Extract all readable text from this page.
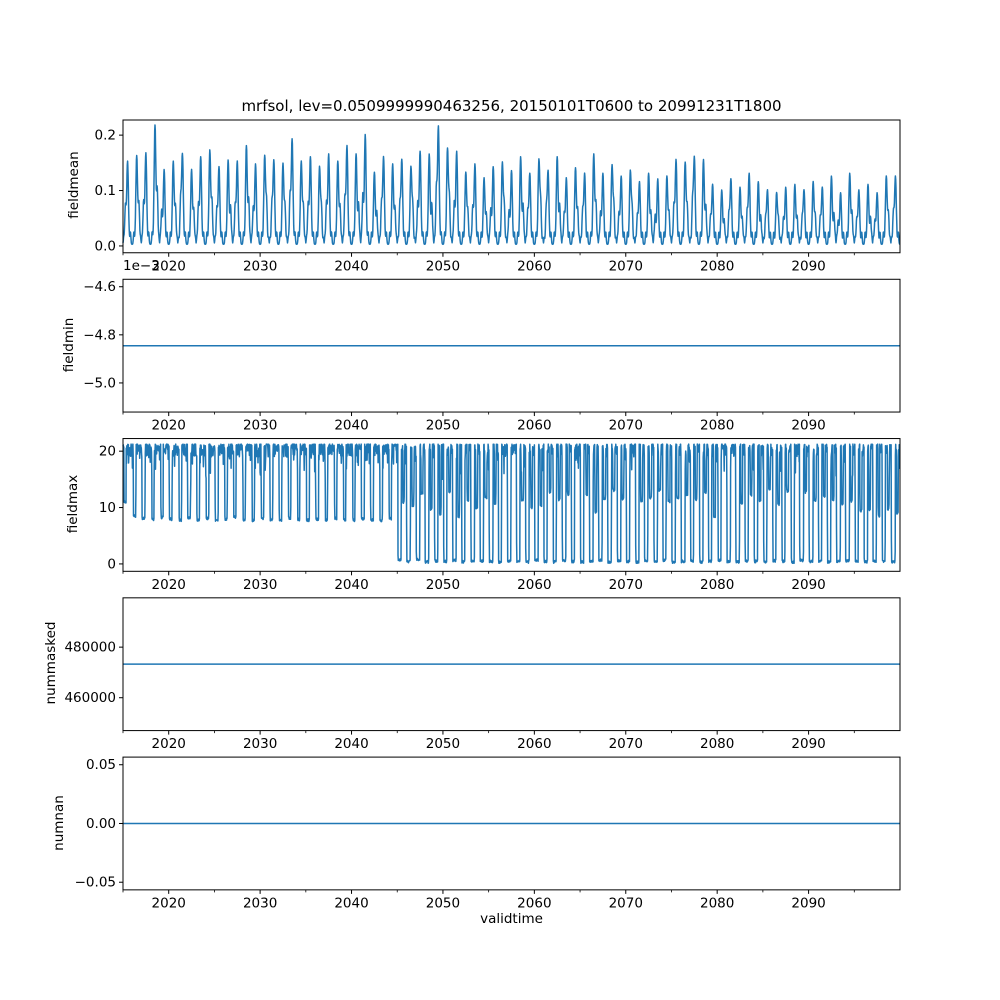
mrfsol, lev=0.0509999990463256, 20150101T0600 to 20991231T1800
fieldmean
fieldmin
fieldmax
nummasked
numnan
1e−3
validtime
2020	2030	2040	2050	2060	2070	2080	2090
0.0
0.1
0.2
2020	2030	2040	2050	2060	2070	2080	2090
−4.6
−4.8
−5.0
2020	2030	2040	2050	2060	2070	2080	2090
0
10
20
2020	2030	2040	2050	2060	2070	2080	2090
460000
480000
2020	2030	2040	2050	2060	2070	2080	2090
−0.05
0.00
0.05
